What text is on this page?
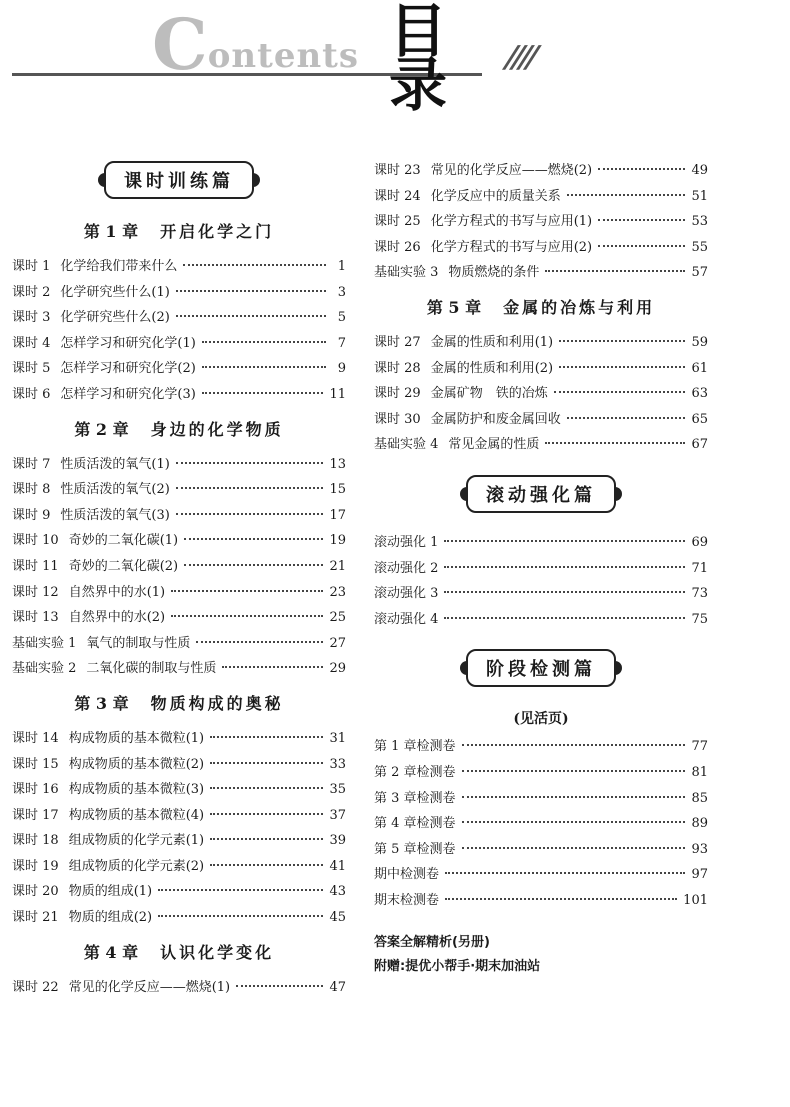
Contents 目
录	////
课时训练篇
第 1 章 开启化学之门
课时 1 化学给我们带来什么	1
课时 2 化学研究些什么(1)	3
课时 3 化学研究些什么(2)	5
课时 4 怎样学习和研究化学(1)	7
课时 5 怎样学习和研究化学(2)	9
课时 6 怎样学习和研究化学(3)	11
第 2 章 身边的化学物质
课时 7 性质活泼的氧气(1)	13
课时 8 性质活泼的氧气(2)	15
课时 9 性质活泼的氧气(3)	17
课时 10 奇妙的二氧化碳(1)	19
课时 11 奇妙的二氧化碳(2)	21
课时 12 自然界中的水(1)	23
课时 13 自然界中的水(2)	25
基础实验 1 氧气的制取与性质	27
基础实验 2 二氧化碳的制取与性质	29
第 3 章 物质构成的奥秘
课时 14 构成物质的基本微粒(1)	31
课时 15 构成物质的基本微粒(2)	33
课时 16 构成物质的基本微粒(3)	35
课时 17 构成物质的基本微粒(4)	37
课时 18 组成物质的化学元素(1)	39
课时 19 组成物质的化学元素(2)	41
课时 20 物质的组成(1)	43
课时 21 物质的组成(2)	45
第 4 章 认识化学变化
课时 22 常见的化学反应——燃烧(1)	47
课时 23 常见的化学反应——燃烧(2)	49
课时 24 化学反应中的质量关系	51
课时 25 化学方程式的书写与应用(1)	53
课时 26 化学方程式的书写与应用(2)	55
基础实验 3 物质燃烧的条件	57
第 5 章 金属的冶炼与利用
课时 27 金属的性质和利用(1)	59
课时 28 金属的性质和利用(2)	61
课时 29 金属矿物　铁的冶炼	63
课时 30 金属防护和废金属回收	65
基础实验 4 常见金属的性质	67
滚动强化篇
滚动强化 1	69
滚动强化 2	71
滚动强化 3	73
滚动强化 4	75
阶段检测篇
(见活页)
第 1 章检测卷	77
第 2 章检测卷	81
第 3 章检测卷	85
第 4 章检测卷	89
第 5 章检测卷	93
期中检测卷	97
期末检测卷	101
答案全解精析(另册)
附赠:提优小帮手·期末加油站
